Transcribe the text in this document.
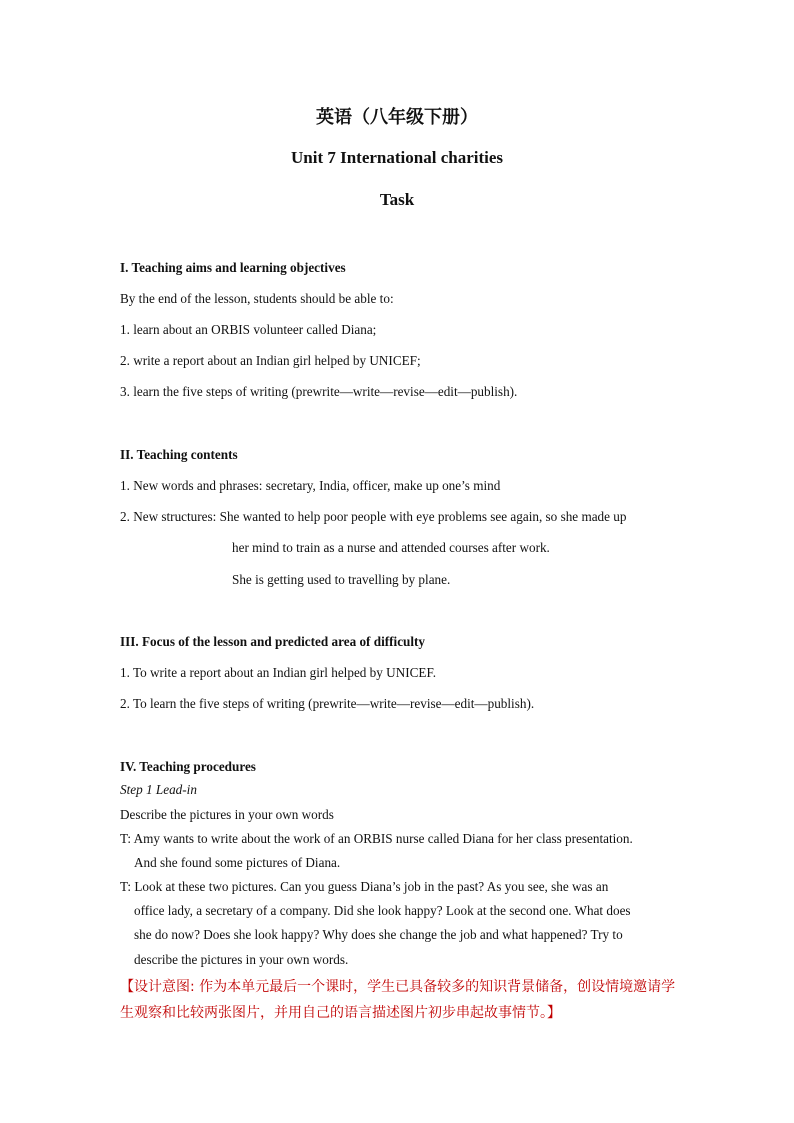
英语（八年级下册）
Unit 7 International charities
Task
I. Teaching aims and learning objectives
By the end of the lesson, students should be able to:
1. learn about an ORBIS volunteer called Diana;
2. write a report about an Indian girl helped by UNICEF;
3. learn the five steps of writing (prewrite—write—revise—edit—publish).
II. Teaching contents
1. New words and phrases: secretary, India, officer, make up one’s mind
2. New structures: She wanted to help poor people with eye problems see again, so she made up
her mind to train as a nurse and attended courses after work.
She is getting used to travelling by plane.
III. Focus of the lesson and predicted area of difficulty
1. To write a report about an Indian girl helped by UNICEF.
2. To learn the five steps of writing (prewrite—write—revise—edit—publish).
IV. Teaching procedures
Step 1 Lead-in
Describe the pictures in your own words
T: Amy wants to write about the work of an ORBIS nurse called Diana for her class presentation.
And she found some pictures of Diana.
T: Look at these two pictures. Can you guess Diana’s job in the past? As you see, she was an
office lady, a secretary of a company. Did she look happy? Look at the second one. What does
she do now? Does she look happy? Why does she change the job and what happened? Try to
describe the pictures in your own words.
【设计意图: 作为本单元最后一个课时，学生已具备较多的知识背景储备，创设情境邀请学
生观察和比较两张图片，并用自己的语言描述图片初步串起故事情节。】
